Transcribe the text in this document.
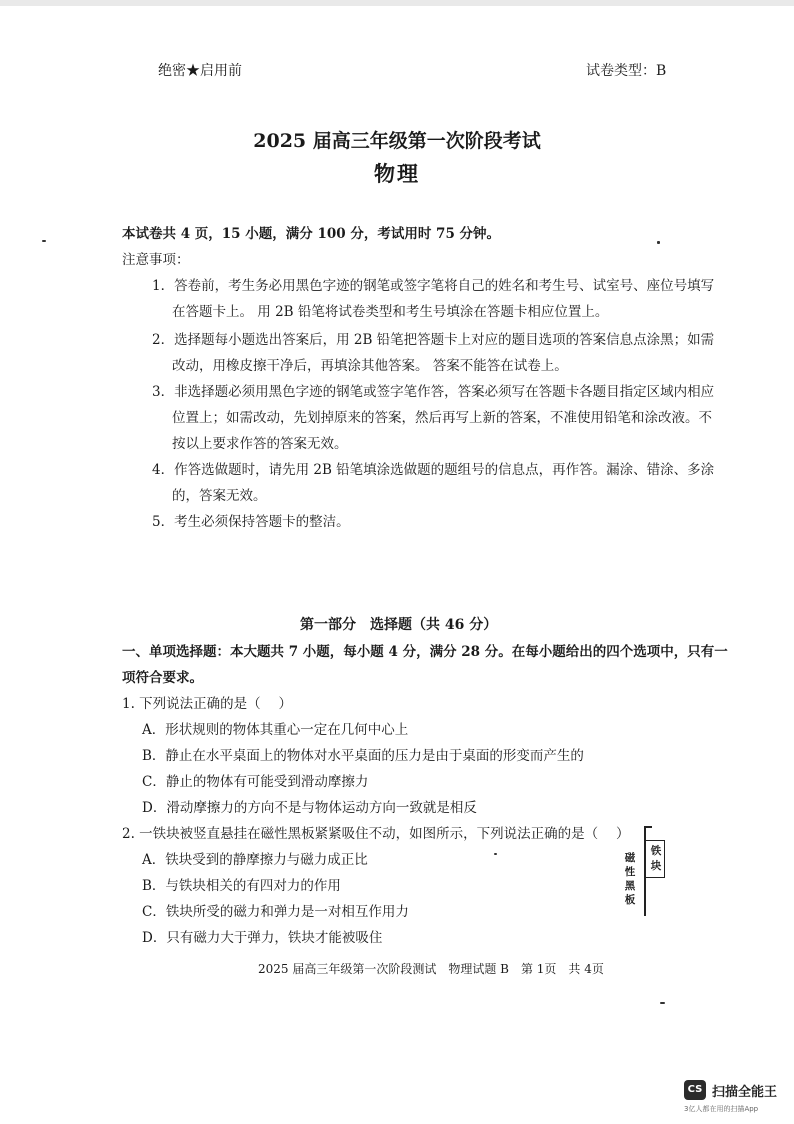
绝密★启用前	试卷类型：B
2025 届高三年级第一次阶段考试
物理
本试卷共 4 页，15 小题，满分 100 分，考试用时 75 分钟。
注意事项：
1．答卷前，考生务必用黑色字迹的钢笔或签字笔将自己的姓名和考生号、试室号、座位号填写
在答题卡上。 用 2B 铅笔将试卷类型和考生号填涂在答题卡相应位置上。
2．选择题每小题选出答案后，用 2B 铅笔把答题卡上对应的题目选项的答案信息点涂黑；如需
改动，用橡皮擦干净后，再填涂其他答案。 答案不能答在试卷上。
3．非选择题必须用黑色字迹的钢笔或签字笔作答，答案必须写在答题卡各题目指定区域内相应
位置上；如需改动，先划掉原来的答案，然后再写上新的答案，不准使用铅笔和涂改液。不
按以上要求作答的答案无效。
4．作答选做题时，请先用 2B 铅笔填涂选做题的题组号的信息点，再作答。漏涂、错涂、多涂
的，答案无效。
5．考生必须保持答题卡的整洁。
第一部分　选择题（共 46 分）
一、单项选择题：本大题共 7 小题，每小题 4 分，满分 28 分。在每小题给出的四个选项中，只有一
项符合要求。
1. 下列说法正确的是（　 ）
A．形状规则的物体其重心一定在几何中心上
B．静止在水平桌面上的物体对水平桌面的压力是由于桌面的形变而产生的
C．静止的物体有可能受到滑动摩擦力
D．滑动摩擦力的方向不是与物体运动方向一致就是相反
2. 一铁块被竖直悬挂在磁性黑板紧紧吸住不动，如图所示，下列说法正确的是（　 ）
A．铁块受到的静摩擦力与磁力成正比
B．与铁块相关的有四对力的作用
C．铁块所受的磁力和弹力是一对相互作用力
D．只有磁力大于弹力，铁块才能被吸住
铁
块
磁
性
黑
板
2025 届高三年级第一次阶段测试　物理试题 B　第 1页　共 4页
CS 扫描全能王
3亿人都在用的扫描App
